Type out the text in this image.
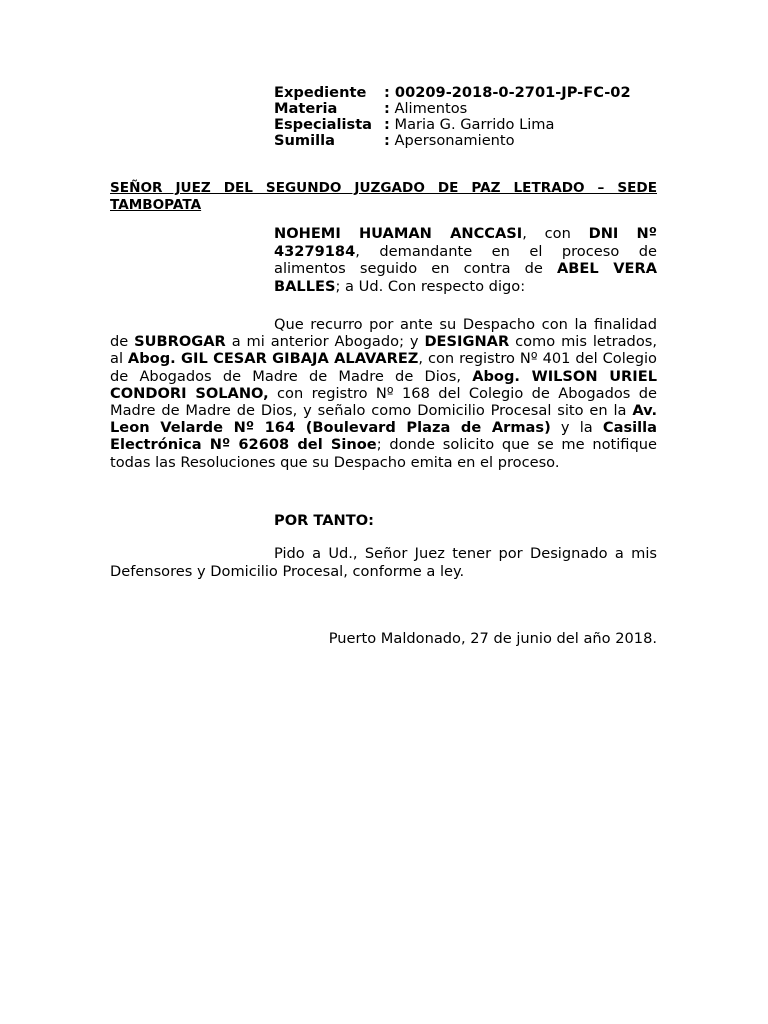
Expediente	: 00209-2018-0-2701-JP-FC-02
Materia	: Alimentos
Especialista : Maria G. Garrido Lima
Sumilla	: Apersonamiento
SEÑOR JUEZ DEL SEGUNDO JUZGADO DE PAZ LETRADO – SEDE
TAMBOPATA
NOHEMI HUAMAN ANCCASI, con DNI Nº 43279184, demandante en el proceso de alimentos seguido en contra de ABEL VERA BALLES; a Ud. Con respecto digo:
Que recurro por ante su Despacho con la finalidad de SUBROGAR a mi anterior Abogado; y DESIGNAR como mis letrados, al Abog. GIL CESAR GIBAJA ALAVAREZ, con registro Nº 401 del Colegio de Abogados de Madre de Madre de Dios, Abog. WILSON URIEL CONDORI SOLANO, con registro Nº 168 del Colegio de Abogados de Madre de Madre de Dios, y señalo como Domicilio Procesal sito en la Av. Leon Velarde Nº 164 (Boulevard Plaza de Armas) y la Casilla Electrónica Nº 62608 del Sinoe; donde solicito que se me notifique todas las Resoluciones que su Despacho emita en el proceso.
POR TANTO:
Pido a Ud., Señor Juez tener por Designado a mis Defensores y Domicilio Procesal, conforme a ley.
Puerto Maldonado, 27 de junio del año 2018.
